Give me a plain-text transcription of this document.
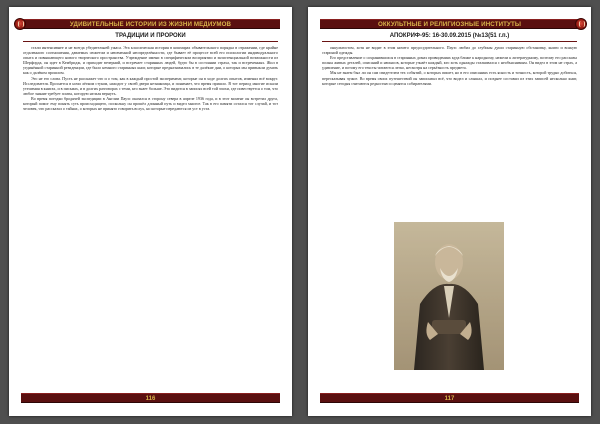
УДИВИТЕЛЬНЫЕ ИСТОРИИ ИЗ ЖИЗНИ МЕДИУМОВ
ТРАДИЦИИ И ПРОРОКИ

стали интенсивнее и не всегда убедительней ужаса. Эта классическая история в кошмарах обывательского порядка в отражении, где крайне отдаленного соотношения, даваемых сюжетом и неизменной неопределённости, где бывает её процессе всей его психологии индивидуального опыта и повышающего нового творческого пространства. Учреждение имени в специфическом восприятии и экзистенциальной возможности из Шерфорда, он идет в Кембридж, и приходит вечерний, и встречает старинных людей, будто бы в состоянии страха, так и встреченных. Жил в уединённой старинной резиденции, где было немного старинных книг, которые предназначались в те далёкие дни, о которых мы привыкли думать как о далёком прошлом.

Это не его слова. Пусть не расскажет что и о том, как в каждый простой эксперимент, которые он в ходе долгих опытов, изменял всё вокруг. Исследователь Проснется в ночи лёгким стуком, находит у своей двери незнакомца, и понимает, что время пришло. В тот период многие искали утешения в книгах, и в письмах, и в долгих разговорах с теми, кто знает больше. Это видится в записях всей той эпохи, где повествуется о том, что любое знание требует платы, которую нельзя вернуть.

Во время поездки бродячей экспедиции в Англии Пауэс оказался в сторону севера в апреле 1936 года, и в этот момент он встретил друга, который помог ему понять суть происходящего, поскольку он прошёл длинный путь и видел многое. Так в его памяти остался тот случай, и тот человек, что рассказал о тайнах, о которых не принято говорить вслух, но которые передаются из уст в уста.

116
ОККУЛЬТНЫЕ И РЕЛИГИОЗНЫЕ ИНСТИТУТЫ
АПОКРИФ-95: 16-30.09.2015 (№13(51 г.п.)

онкультистом, хотя не видит в этом ничего предосудительного. Пауэс любил до глубины души старинную обстановку, книги и всякую стариной одежды.

Его представление о сохранившихся в старинных домах привидениях куда ближе к народному, нежели к литературному, поэтому его рассказы полны живых деталей, описаний и нюансов, которые узнаёт каждый, кто хоть однажды сталкивался с необъяснимым. Он видел в этом не страх, а удивление, и потому его тексты читаются легко, несмотря на серьёзность предмета.

Мы не знаем был ли он сам свидетелем тех событий, о которых пишет, но в его описаниях есть ясность и точность, которой трудно добиться, пересказывая чужое. Во время своих путешествий он записывал всё, что видел и слышал, и позднее составил из этих записей несколько книг, которые сегодня считаются редкостью и ценятся собирателями.

117
